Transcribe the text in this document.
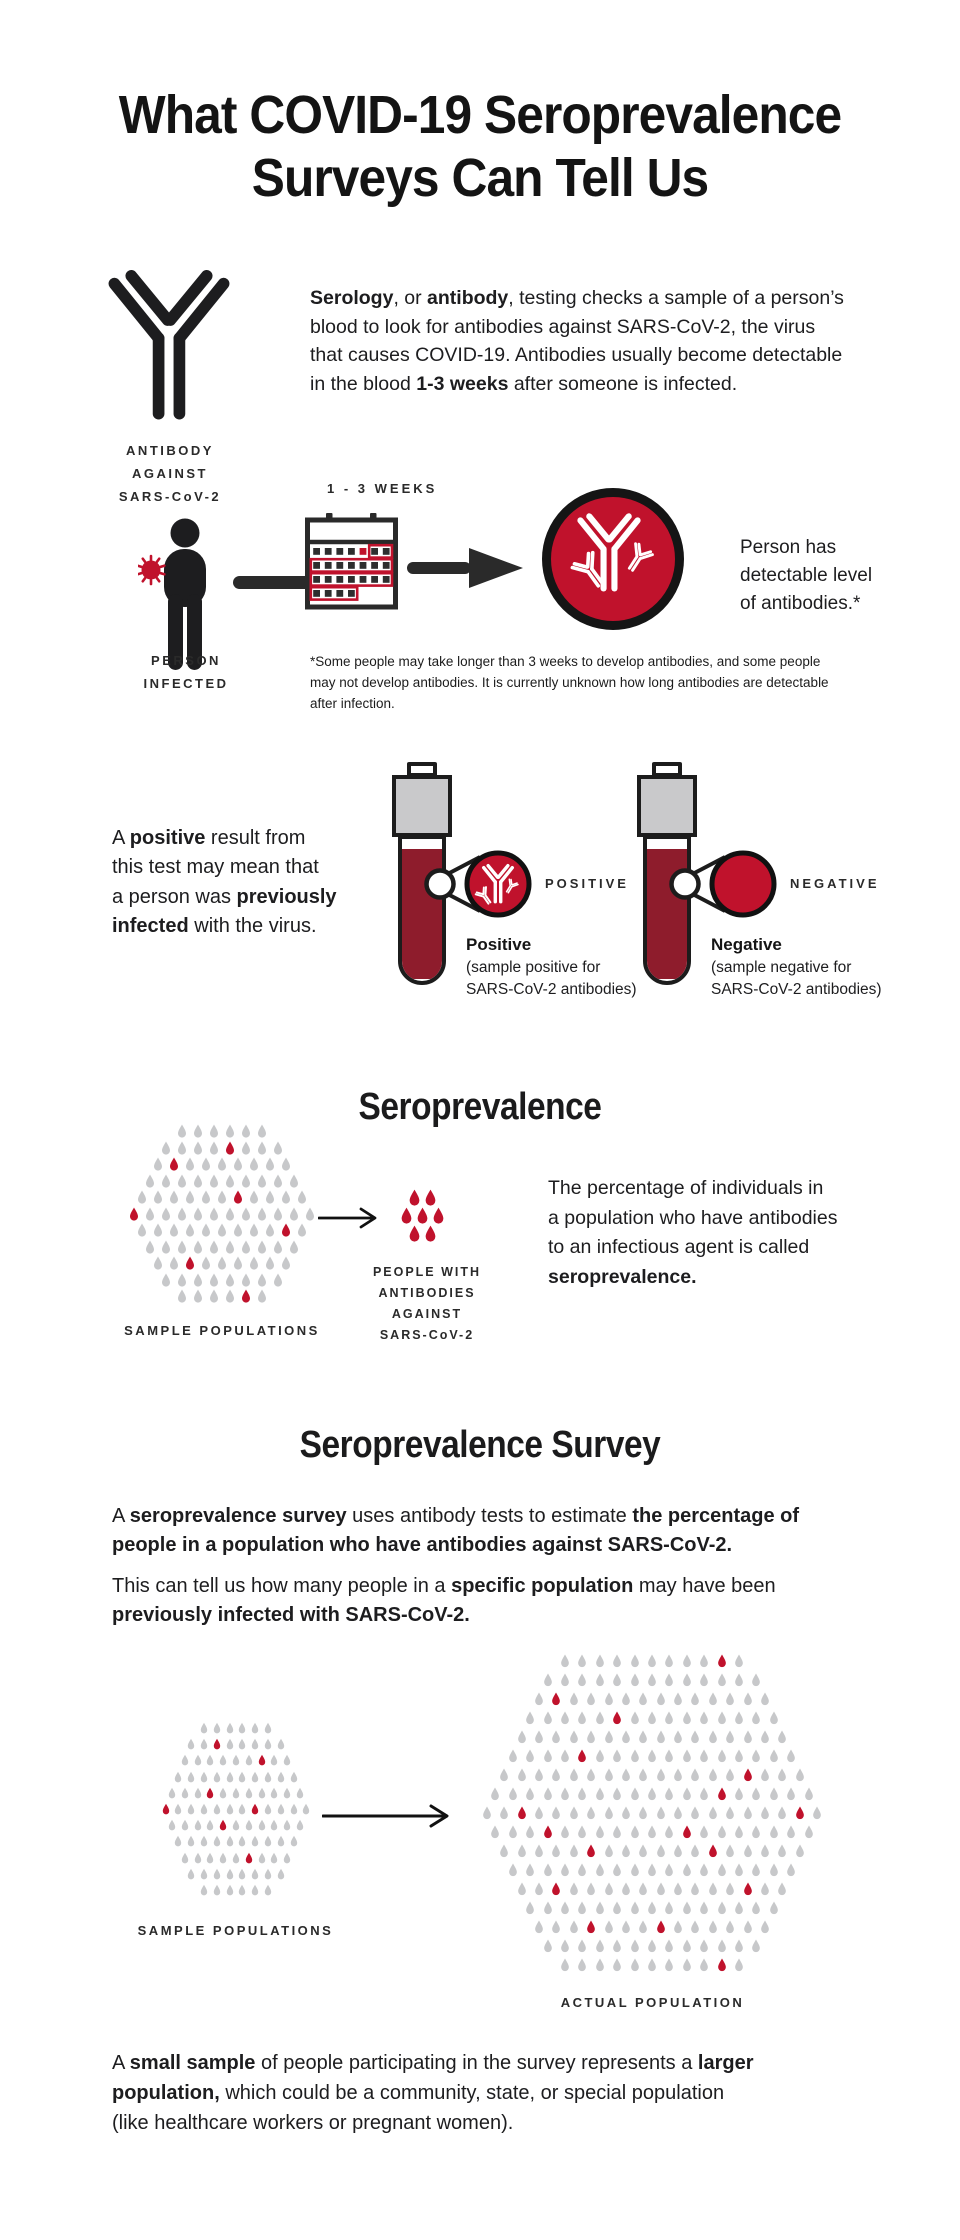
What COVID-19 Seroprevalence
Surveys Can Tell Us
ANTIBODY
AGAINST
SARS-CoV-2
Serology, or antibody, testing checks a sample of a person’s
blood to look for antibodies against SARS-CoV-2, the virus
that causes COVID-19. Antibodies usually become detectable
in the blood 1-3 weeks after someone is infected.
1 - 3 WEEKS
PERSON
INFECTED
Person has
detectable level
of antibodies.*
*Some people may take longer than 3 weeks to develop antibodies, and some people
may not develop antibodies. It is currently unknown how long antibodies are detectable
after infection.
A positive result from
this test may mean that
a person was previously
infected with the virus.
POSITIVE
Positive
(sample positive for
SARS-CoV-2 antibodies)
NEGATIVE
Negative
(sample negative for
SARS-CoV-2 antibodies)
Seroprevalence
SAMPLE POPULATIONS
PEOPLE WITH
ANTIBODIES
AGAINST
SARS-CoV-2
The percentage of individuals in
a population who have antibodies
to an infectious agent is called
seroprevalence.
Seroprevalence Survey
A seroprevalence survey uses antibody tests to estimate the percentage of
people in a population who have antibodies against SARS-CoV-2.
This can tell us how many people in a specific population may have been
previously infected with SARS-CoV-2.
SAMPLE POPULATIONS
ACTUAL POPULATION
A small sample of people participating in the survey represents a larger
population, which could be a community, state, or special population
(like healthcare workers or pregnant women).
